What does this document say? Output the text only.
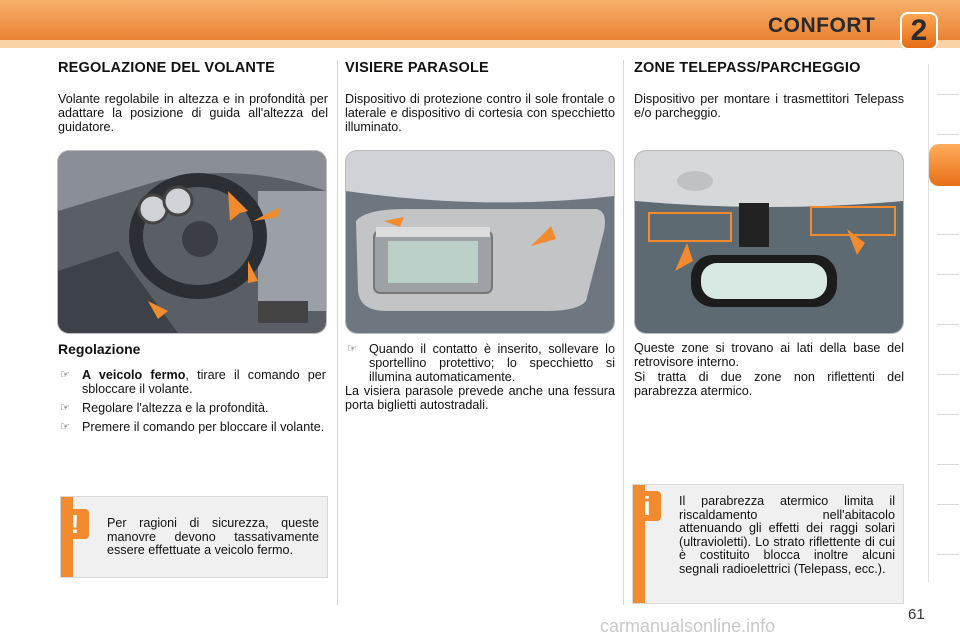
CONFORT	2
REGOLAZIONE DEL VOLANTE

Volante regolabile in altezza e in profondità per adattare la posizione di guida all'altezza del guidatore.

Regolazione
☞ A veicolo fermo, tirare il comando per sbloccare il volante.
☞ Regolare l'altezza e la profondità.
☞ Premere il comando per bloccare il volante.
!	Per ragioni di sicurezza, queste manovre devono tassativamente essere effettuate a veicolo fermo.

VISIERE PARASOLE

Dispositivo di protezione contro il sole frontale o laterale e dispositivo di cortesia con specchietto illuminato.

☞ Quando il contatto è inserito, sollevare lo sportellino protettivo; lo specchietto si illumina automaticamente.

La visiera parasole prevede anche una fessura porta biglietti autostradali.

ZONE TELEPASS/PARCHEGGIO

Dispositivo per montare i trasmettitori Telepass e/o parcheggio.

Queste zone si trovano ai lati della base del retrovisore interno.

Si tratta di due zone non riflettenti del parabrezza atermico.

i	Il parabrezza atermico limita il riscaldamento nell'abitacolo attenuando gli effetti dei raggi solari (ultravioletti). Lo strato riflettente di cui è costituito blocca inoltre alcuni segnali radioelettrici (Telepass, ecc.).

61
carmanualsonline.info
